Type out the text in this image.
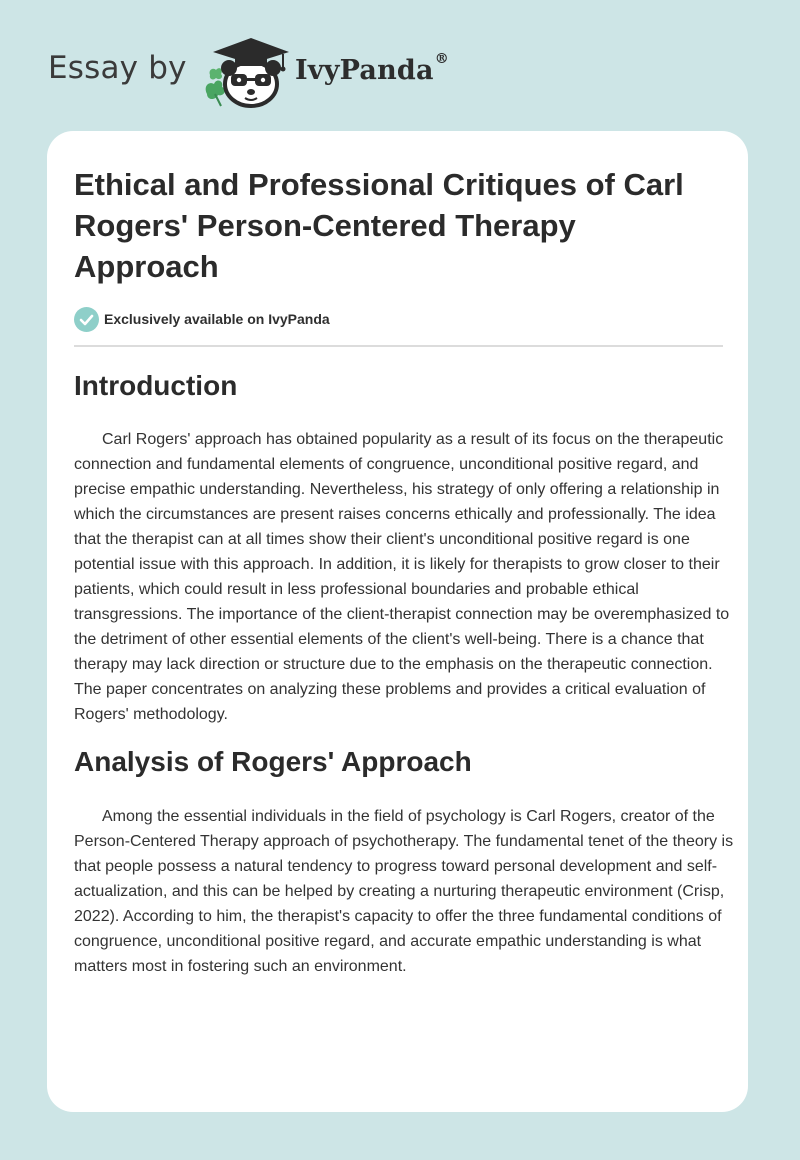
Essay by	IvyPanda®
Ethical and Professional Critiques of Carl Rogers' Person-Centered Therapy Approach
Exclusively available on IvyPanda
Introduction

Carl Rogers' approach has obtained popularity as a result of its focus on the therapeutic connection and fundamental elements of congruence, unconditional positive regard, and precise empathic understanding. Nevertheless, his strategy of only offering a relationship in which the circumstances are present raises concerns ethically and professionally. The idea that the therapist can at all times show their client's unconditional positive regard is one potential issue with this approach. In addition, it is likely for therapists to grow closer to their patients, which could result in less professional boundaries and probable ethical transgressions. The importance of the client-therapist connection may be overemphasized to the detriment of other essential elements of the client's well-being. There is a chance that therapy may lack direction or structure due to the emphasis on the therapeutic connection. The paper concentrates on analyzing these problems and provides a critical evaluation of Rogers' methodology.

Analysis of Rogers' Approach

Among the essential individuals in the field of psychology is Carl Rogers, creator of the Person-Centered Therapy approach of psychotherapy. The fundamental tenet of the theory is that people possess a natural tendency to progress toward personal development and self-actualization, and this can be helped by creating a nurturing therapeutic environment (Crisp, 2022). According to him, the therapist's capacity to offer the three fundamental conditions of congruence, unconditional positive regard, and accurate empathic understanding is what matters most in fostering such an environment.
